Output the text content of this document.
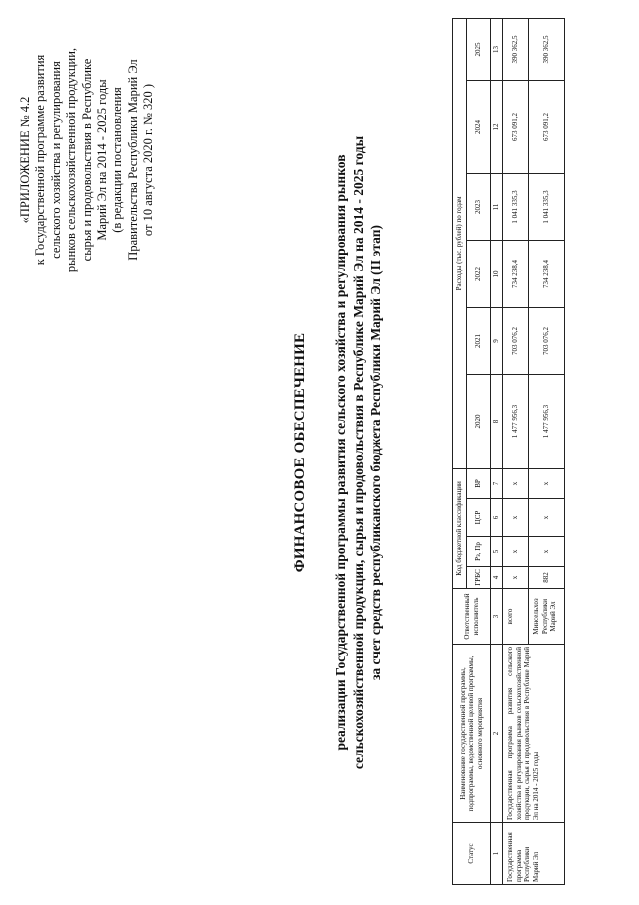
«ПРИЛОЖЕНИЕ № 4.2 к Государственной программе развития сельского хозяйства и регулирования рынков сельскохозяйственной продукции, сырья и продовольствия в Республике Марий Эл на 2014 - 2025 годы (в редакции постановления Правительства Республики Марий Эл от 10 августа 2020 г. № 320 )
ФИНАНСОВОЕ ОБЕСПЕЧЕНИЕ реализации Государственной программы развития сельского хозяйства и регулирования рынков сельскохозяйственной продукции, сырья и продовольствия в Республике Марий Эл на 2014 - 2025 годы за счет средств республиканского бюджета Республики Марий Эл (II этап)
Статус	Наименование государственной программы, подпрограммы, ведомственной целевой программы, основного мероприятия	Ответственный исполнитель	Код бюджетной классификации				Расходы (тыс. рублей) по годам					
			ГРБС	Рз, Пр	ЦСР	ВР	2020	2021	2022	2023	2024	2025
1	2	3	4	5	6	7	8	9	10	11	12	13
Государственная программа Республики Марий Эл	Государственная программа развития сельского хозяйства и регулирования рынков сельскохозяйственной продукции, сырья и продовольствия в Республике Марий Эл на 2014 - 2025 годы	всего	х	х	х	х	1 477 956,3	703 076,2	734 238,4	1 041 335,3	673 091,2	390 362,5
		Минсельхоз Республики Марий Эл	882	х	х	х	1 477 956,3	703 076,2	734 238,4	1 041 335,3	673 091,2	390 362,5
